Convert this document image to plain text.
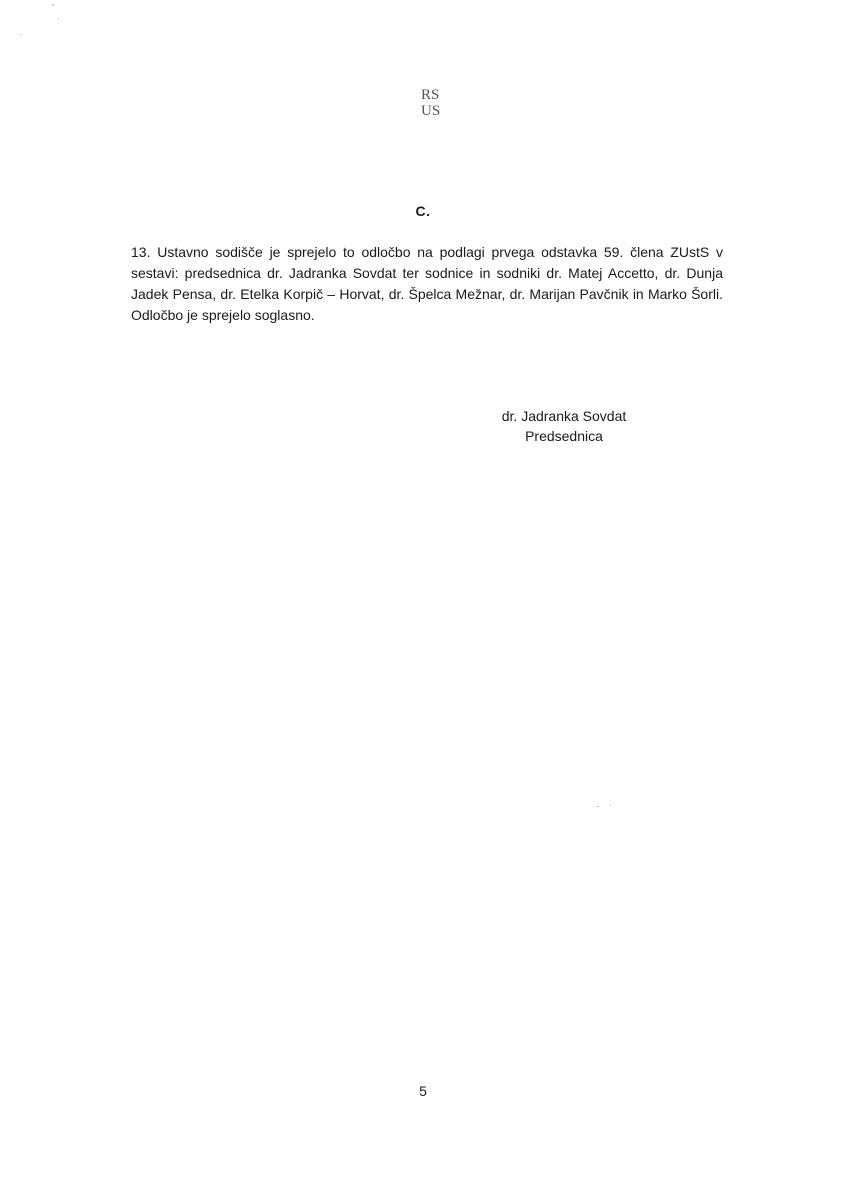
RS
US
C.

13. Ustavno sodišče je sprejelo to odločbo na podlagi prvega odstavka 59. člena ZUstS v sestavi: predsednica dr. Jadranka Sovdat ter sodnice in sodniki dr. Matej Accetto, dr. Dunja Jadek Pensa, dr. Etelka Korpič – Horvat, dr. Špelca Mežnar, dr. Marijan Pavčnik in Marko Šorli. Odločbo je sprejelo soglasno.

dr. Jadranka Sovdat
Predsednica
5
